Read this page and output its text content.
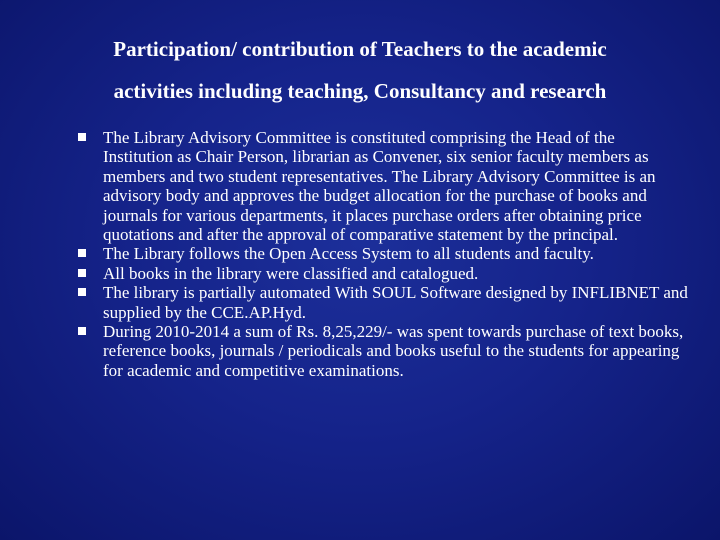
Participation/ contribution of Teachers to the academic
activities including teaching, Consultancy and research
The Library Advisory Committee is constituted comprising the Head of the Institution as Chair Person, librarian as Convener, six senior faculty members as members and two student representatives. The Library Advisory Committee is an advisory body and approves the budget allocation for the purchase of books and journals for various departments, it places purchase orders after obtaining price quotations and after the approval of comparative statement by the principal.
The Library follows the Open Access System to all students and faculty.
All books in the library were classified and catalogued.
The library is partially automated With SOUL Software designed by INFLIBNET and supplied by the CCE.AP.Hyd.
During 2010-2014 a sum of Rs. 8,25,229/- was spent towards purchase of text books, reference books, journals / periodicals and books useful to the students for appearing for academic and competitive examinations.
